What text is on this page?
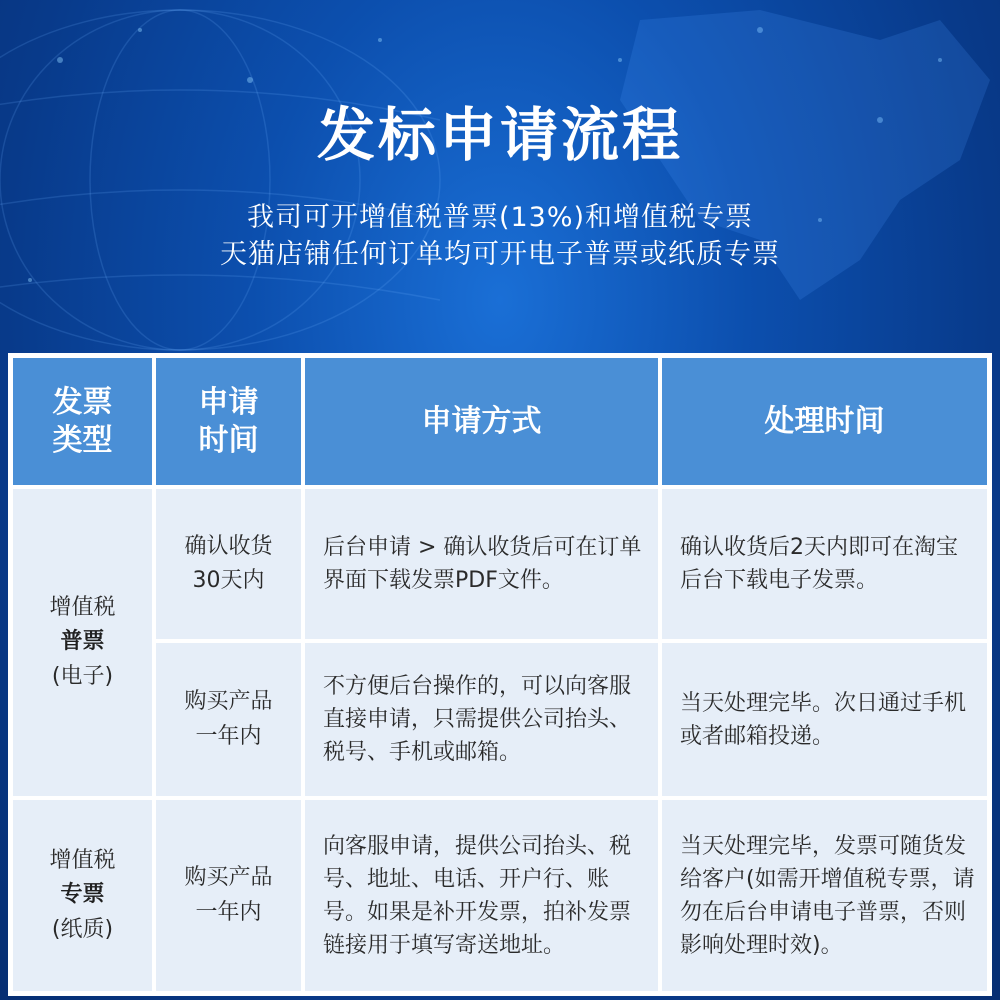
发标申请流程
我司可开增值税普票(13%)和增值税专票
天猫店铺任何订单均可开电子普票或纸质专票
发票
类型
申请
时间
申请方式	处理时间
增值税
普票
(电子)
确认收货
30天内
后台申请 > 确认收货后可在订单界面下载发票PDF文件。
确认收货后2天内即可在淘宝后台下载电子发票。
购买产品
一年内
不方便后台操作的，可以向客服直接申请，只需提供公司抬头、税号、手机或邮箱。
当天处理完毕。次日通过手机或者邮箱投递。
增值税
专票
(纸质)
购买产品
一年内
向客服申请，提供公司抬头、税号、地址、电话、开户行、账号。如果是补开发票，拍补发票链接用于填写寄送地址。
当天处理完毕，发票可随货发给客户(如需开增值税专票，请勿在后台申请电子普票，否则影响处理时效)。
